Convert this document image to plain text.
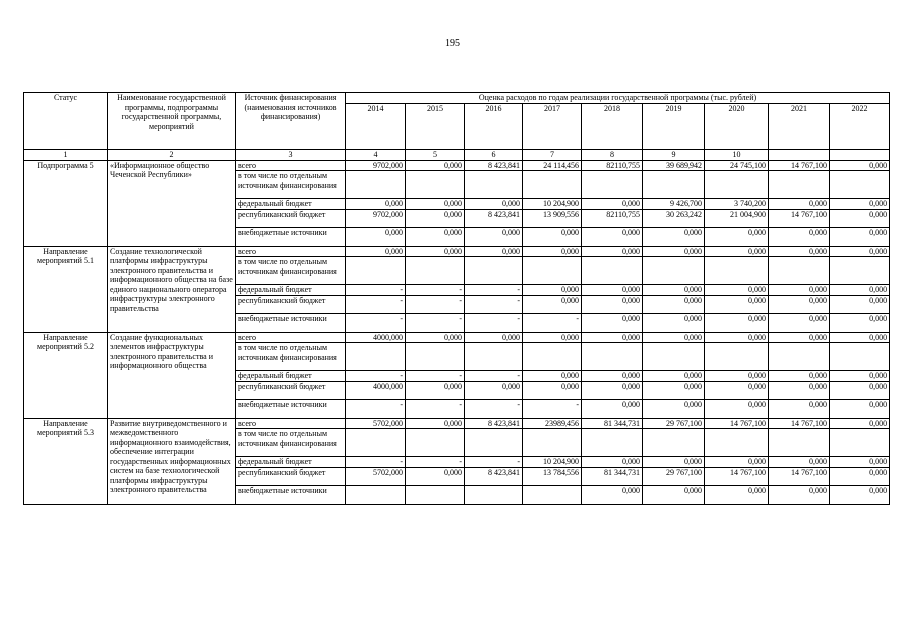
195
Статус	Наименование государственной программы, подпрограммы государственной программы, мероприятий	Источник финансирования (наименования источников финансирования)	Оценка расходов по годам реализации государственной программы (тыс. рублей)								
			2014	2015	2016	2017	2018	2019	2020	2021	2022
1	2	3	4	5	6	7	8	9	10		
Подпрограмма 5	«Информационное общество Чеченской Республики»	всего	9702,000	0,000	8 423,841	24 114,456	82110,755	39 689,942	24 745,100	14 767,100	0,000
		в том числе по отдельным источникам финансирования									
		федеральный бюджет	0,000	0,000	0,000	10 204,900	0,000	9 426,700	3 740,200	0,000	0,000
		республиканский бюджет	9702,000	0,000	8 423,841	13 909,556	82110,755	30 263,242	21 004,900	14 767,100	0,000
		внебюджетные источники	0,000	0,000	0,000	0,000	0,000	0,000	0,000	0,000	0,000
Направление мероприятий 5.1	Создание технологической платформы инфраструктуры электронного правительства и информационного общества на базе единого национального оператора инфраструктуры электронного правительства	всего	0,000	0,000	0,000	0,000	0,000	0,000	0,000	0,000	0,000
		в том числе по отдельным источникам финансирования									
		федеральный бюджет	-	-	-	0,000	0,000	0,000	0,000	0,000	0,000
		республиканский бюджет	-	-	-	0,000	0,000	0,000	0,000	0,000	0,000
		внебюджетные источники	-	-	-	-	0,000	0,000	0,000	0,000	0,000
Направление мероприятий 5.2	Создание функциональных элементов инфраструктуры электронного правительства и информационного общества	всего	4000,000	0,000	0,000	0,000	0,000	0,000	0,000	0,000	0,000
		в том числе по отдельным источникам финансирования									
		федеральный бюджет	-	-	-	0,000	0,000	0,000	0,000	0,000	0,000
		республиканский бюджет	4000,000	0,000	0,000	0,000	0,000	0,000	0,000	0,000	0,000
		внебюджетные источники	-	-	-	-	0,000	0,000	0,000	0,000	0,000
Направление мероприятий 5.3	Развитие внутриведомственного и межведомственного информационного взаимодействия, обеспечение интеграции государственных информационных систем на базе технологической платформы инфраструктуры электронного правительства	всего	5702,000	0,000	8 423,841	23989,456	81 344,731	29 767,100	14 767,100	14 767,100	0,000
		в том числе по отдельным источникам финансирования									
		федеральный бюджет	-	-	-	10 204,900	0,000	0,000	0,000	0,000	0,000
		республиканский бюджет	5702,000	0,000	8 423,841	13 784,556	81 344,731	29 767,100	14 767,100	14 767,100	0,000
		внебюджетные источники					0,000	0,000	0,000	0,000	0,000
